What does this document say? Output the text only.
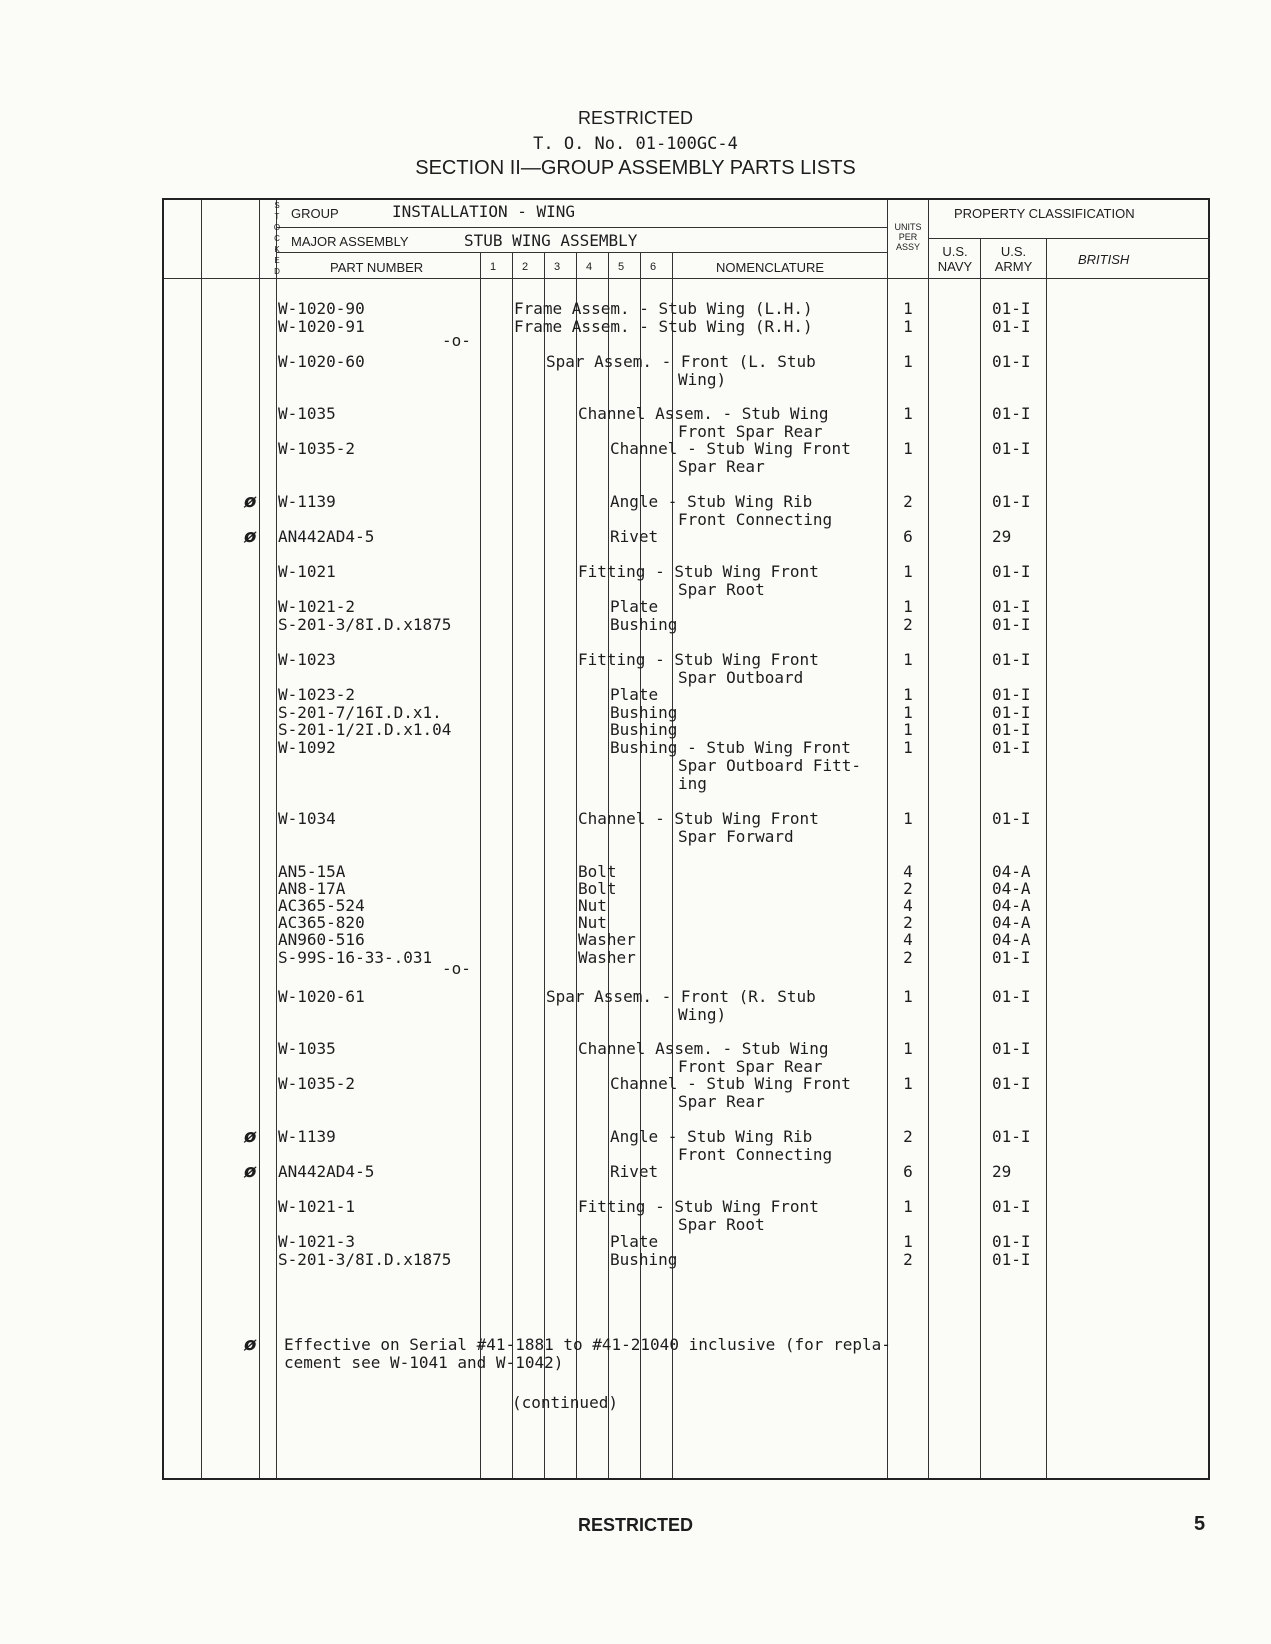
RESTRICTED
T. O. No. 01-100GC-4
SECTION II—GROUP ASSEMBLY PARTS LISTS
S
T
O
C
K
E
D
GROUP	INSTALLATION - WING
MAJOR ASSEMBLY	STUB WING ASSEMBLY
PART NUMBER	1 2 3 4 5 6	NOMENCLATURE
UNITS
PER
ASSY
PROPERTY CLASSIFICATION
U.S.
NAVY
U.S.
ARMY	BRITISH
W-1020-90	Frame Assem. - Stub Wing (L.H.)	1	01-I
W-1020-91	Frame Assem. - Stub Wing (R.H.)	1	01-I
-o-
W-1020-60	Spar Assem. - Front (L. Stub	1	01-I
Wing)
W-1035	Channel Assem. - Stub Wing	1	01-I
Front Spar Rear
W-1035-2	Channel - Stub Wing Front	1	01-I
Spar Rear
ø W-1139	Angle - Stub Wing Rib	2	01-I
Front Connecting
ø AN442AD4-5	Rivet	6	29
W-1021	Fitting - Stub Wing Front	1	01-I
Spar Root
W-1021-2	Plate	1	01-I
S-201-3/8I.D.x1875	Bushing	2	01-I
W-1023	Fitting - Stub Wing Front	1	01-I
Spar Outboard
W-1023-2	Plate	1	01-I
S-201-7/16I.D.x1.	Bushing	1	01-I
S-201-1/2I.D.x1.04	Bushing	1	01-I
W-1092	Bushing - Stub Wing Front	1	01-I
Spar Outboard Fitt-
ing
W-1034	Channel - Stub Wing Front	1	01-I
Spar Forward
AN5-15A	Bolt	4	04-A
AN8-17A	Bolt	2	04-A
AC365-524	Nut	4	04-A
AC365-820	Nut	2	04-A
AN960-516	Washer	4	04-A
S-99S-16-33-.031	Washer	2	01-I
-o-
W-1020-61	Spar Assem. - Front (R. Stub	1	01-I
Wing)
W-1035	Channel Assem. - Stub Wing	1	01-I
Front Spar Rear
W-1035-2	Channel - Stub Wing Front	1	01-I
Spar Rear
ø W-1139	Angle - Stub Wing Rib	2	01-I
Front Connecting
ø AN442AD4-5	Rivet	6	29
W-1021-1	Fitting - Stub Wing Front	1	01-I
Spar Root
W-1021-3	Plate	1	01-I
S-201-3/8I.D.x1875	Bushing	2	01-I
ø Effective on Serial #41-1881 to #41-21040 inclusive (for repla-
cement see W-1041 and W-1042)
(continued)
RESTRICTED	5
